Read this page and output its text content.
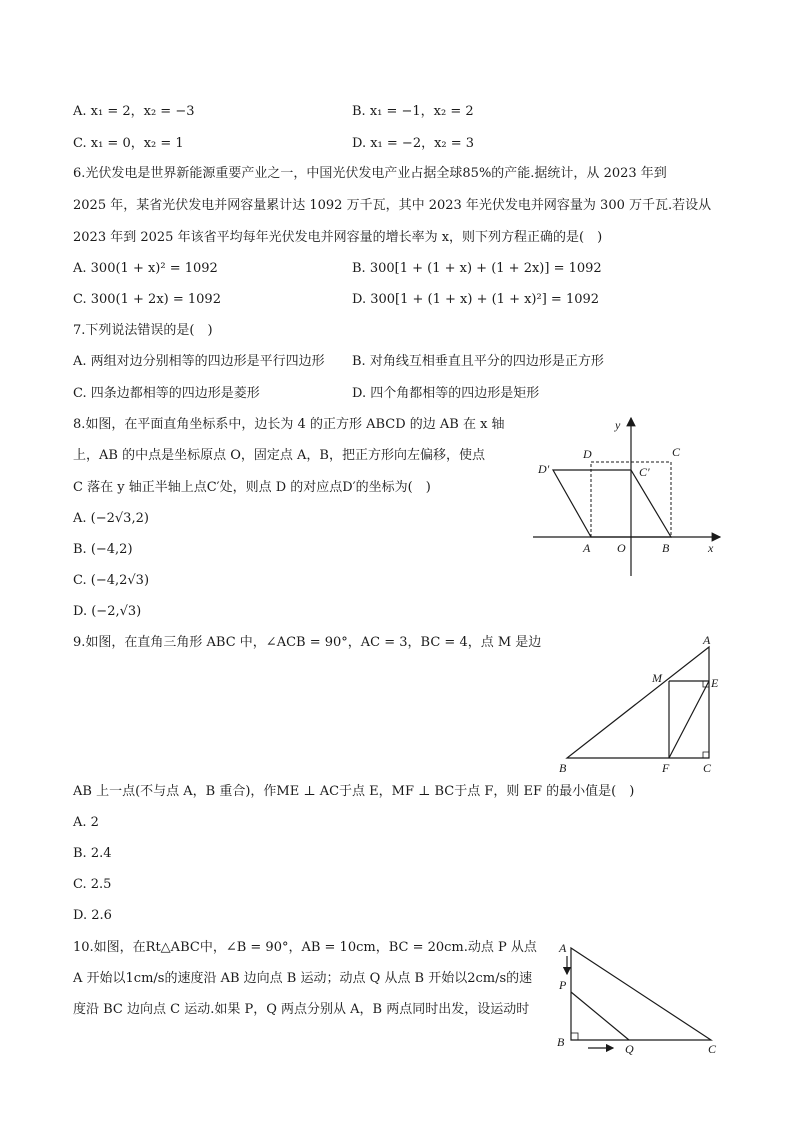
A. x₁ = 2，x₂ = −3	B. x₁ = −1，x₂ = 2
C. x₁ = 0，x₂ = 1	D. x₁ = −2，x₂ = 3
6.光伏发电是世界新能源重要产业之一，中国光伏发电产业占据全球85%的产能.据统计，从 2023 年到
2025 年，某省光伏发电并网容量累计达 1092 万千瓦，其中 2023 年光伏发电并网容量为 300 万千瓦.若设从
2023 年到 2025 年该省平均每年光伏发电并网容量的增长率为 x，则下列方程正确的是(　)
A. 300(1 + x)² = 1092	B. 300[1 + (1 + x) + (1 + 2x)] = 1092
C. 300(1 + 2x) = 1092	D. 300[1 + (1 + x) + (1 + x)²] = 1092
7.下列说法错误的是(　)
A. 两组对边分别相等的四边形是平行四边形 B. 对角线互相垂直且平分的四边形是正方形
C. 四条边都相等的四边形是菱形	D. 四个角都相等的四边形是矩形
8.如图，在平面直角坐标系中，边长为 4 的正方形 ABCD 的边 AB 在 x 轴
上，AB 的中点是坐标原点 O，固定点 A，B，把正方形向左偏移，使点
C 落在 y 轴正半轴上点C′处，则点 D 的对应点D′的坐标为(　)
A. (−2√3,2)
B. (−4,2)
C. (−4,2√3)
D. (−2,√3)
y
x
D	C
D′	C′
A O	B
9.如图，在直角三角形 ABC 中，∠ACB = 90°，AC = 3，BC = 4，点 M 是边	A
M	E
B	F	C
AB 上一点(不与点 A，B 重合)，作ME ⊥ AC于点 E，MF ⊥ BC于点 F，则 EF 的最小值是(　)
A. 2
B. 2.4
C. 2.5
D. 2.6
10.如图，在Rt△ABC中，∠B = 90°，AB = 10cm，BC = 20cm.动点 P 从点
A 开始以1cm/s的速度沿 AB 边向点 B 运动；动点 Q 从点 B 开始以2cm/s的速
度沿 BC 边向点 C 运动.如果 P，Q 两点分别从 A，B 两点同时出发，设运动时
A
P
B	Q	C
